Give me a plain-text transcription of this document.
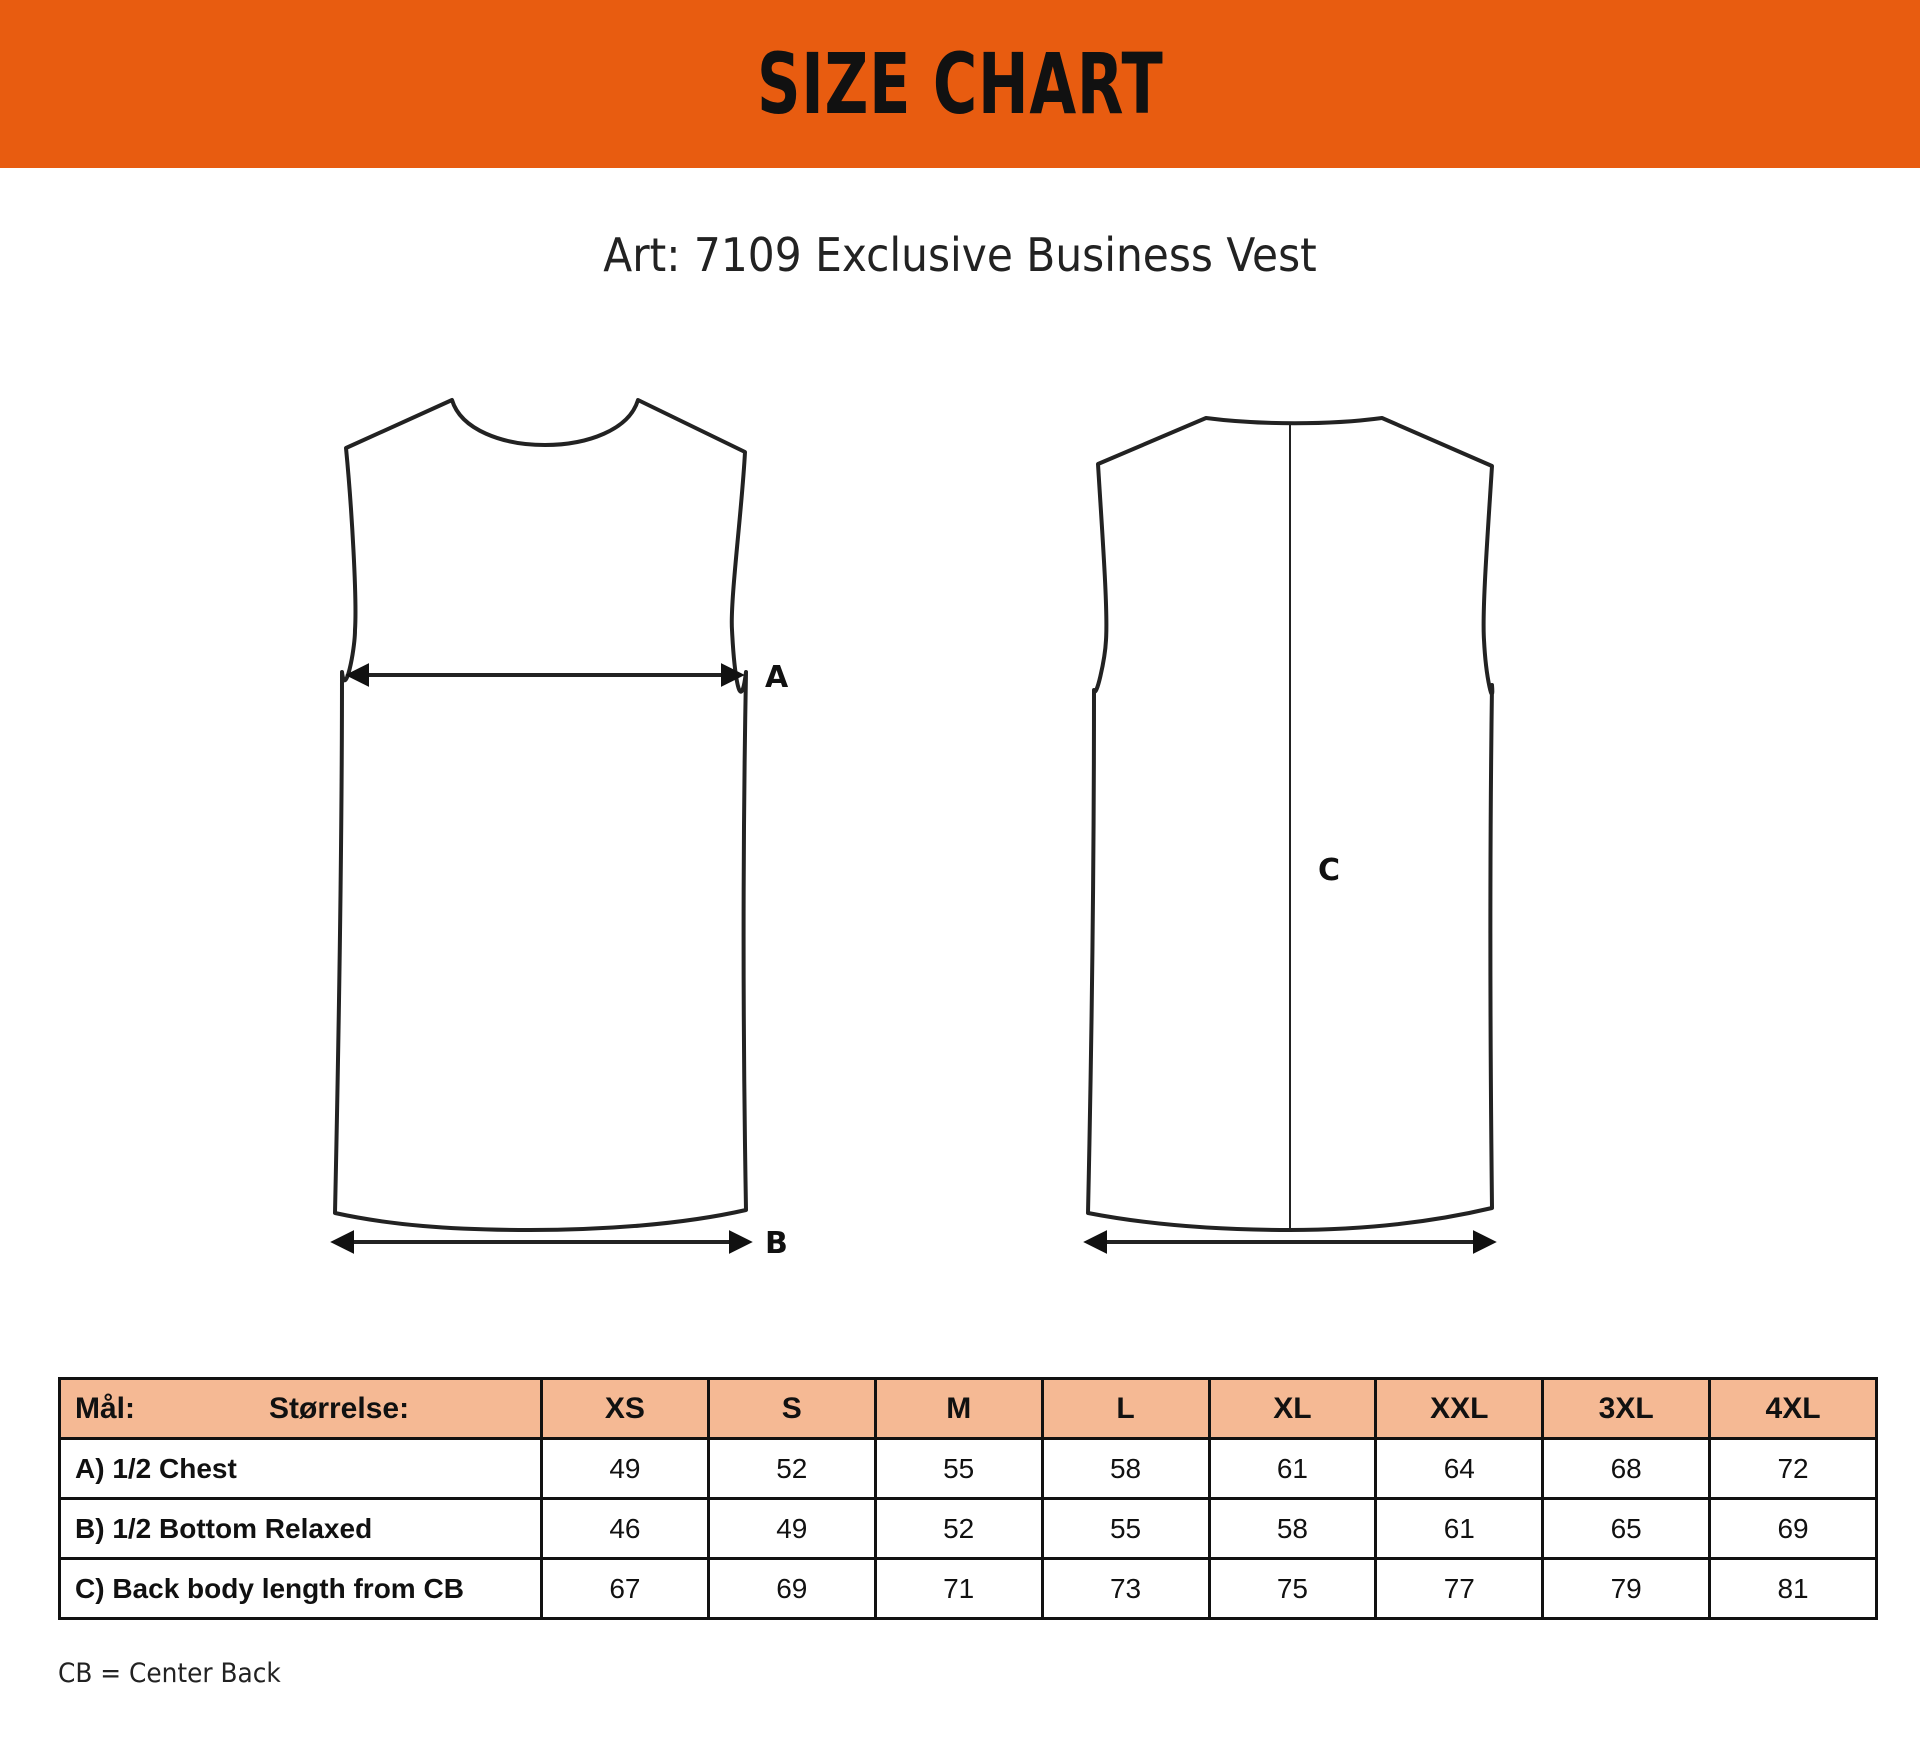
SIZE CHART
Art: 7109 Exclusive Business Vest
A
B
C
Mål: Størrelse:	XS	S	M	L	XL	XXL	3XL	4XL
A) 1/2 Chest	49	52	55	58	61	64	68	72
B) 1/2 Bottom Relaxed	46	49	52	55	58	61	65	69
C) Back body length from CB	67	69	71	73	75	77	79	81
CB = Center Back
